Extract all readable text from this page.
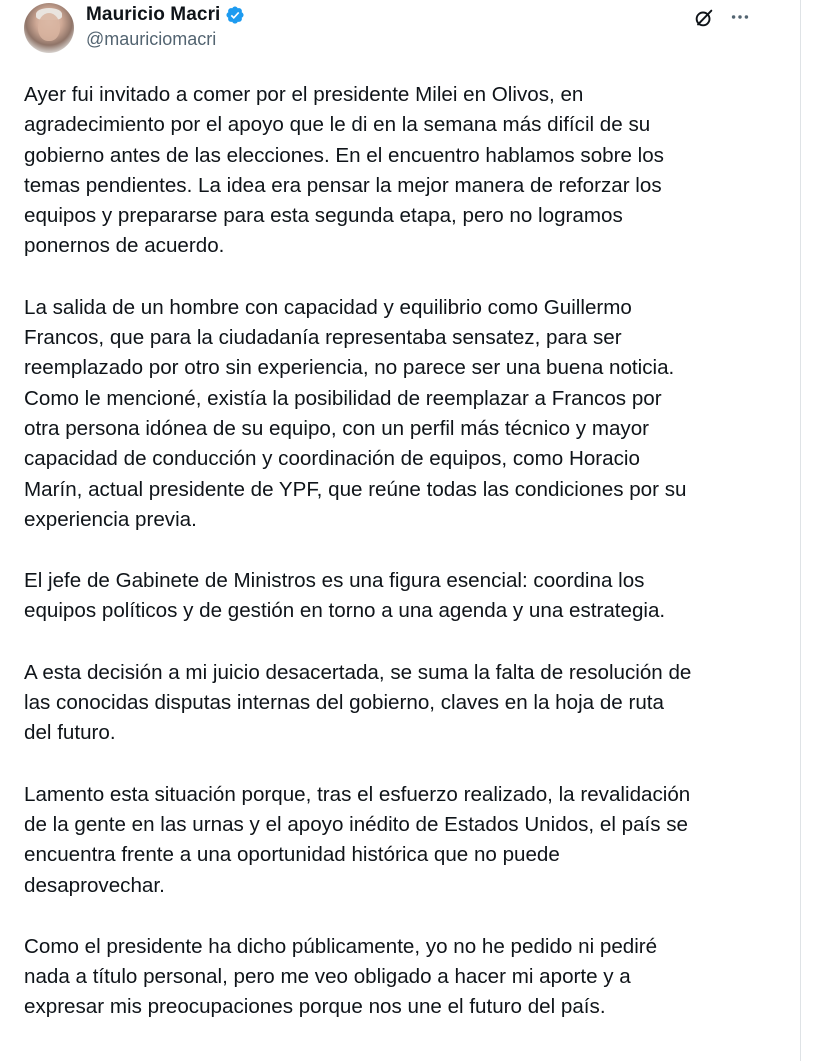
Mauricio Macri
@mauriciomacri

Ayer fui invitado a comer por el presidente Milei en Olivos, en
agradecimiento por el apoyo que le di en la semana más difícil de su
gobierno antes de las elecciones. En el encuentro hablamos sobre los
temas pendientes. La idea era pensar la mejor manera de reforzar los
equipos y prepararse para esta segunda etapa, pero no logramos
ponernos de acuerdo.

La salida de un hombre con capacidad y equilibrio como Guillermo
Francos, que para la ciudadanía representaba sensatez, para ser
reemplazado por otro sin experiencia, no parece ser una buena noticia.
Como le mencioné, existía la posibilidad de reemplazar a Francos por
otra persona idónea de su equipo, con un perfil más técnico y mayor
capacidad de conducción y coordinación de equipos, como Horacio
Marín, actual presidente de YPF, que reúne todas las condiciones por su
experiencia previa.

El jefe de Gabinete de Ministros es una figura esencial: coordina los
equipos políticos y de gestión en torno a una agenda y una estrategia.

A esta decisión a mi juicio desacertada, se suma la falta de resolución de
las conocidas disputas internas del gobierno, claves en la hoja de ruta
del futuro.

Lamento esta situación porque, tras el esfuerzo realizado, la revalidación
de la gente en las urnas y el apoyo inédito de Estados Unidos, el país se
encuentra frente a una oportunidad histórica que no puede
desaprovechar.

Como el presidente ha dicho públicamente, yo no he pedido ni pediré
nada a título personal, pero me veo obligado a hacer mi aporte y a
expresar mis preocupaciones porque nos une el futuro del país.
